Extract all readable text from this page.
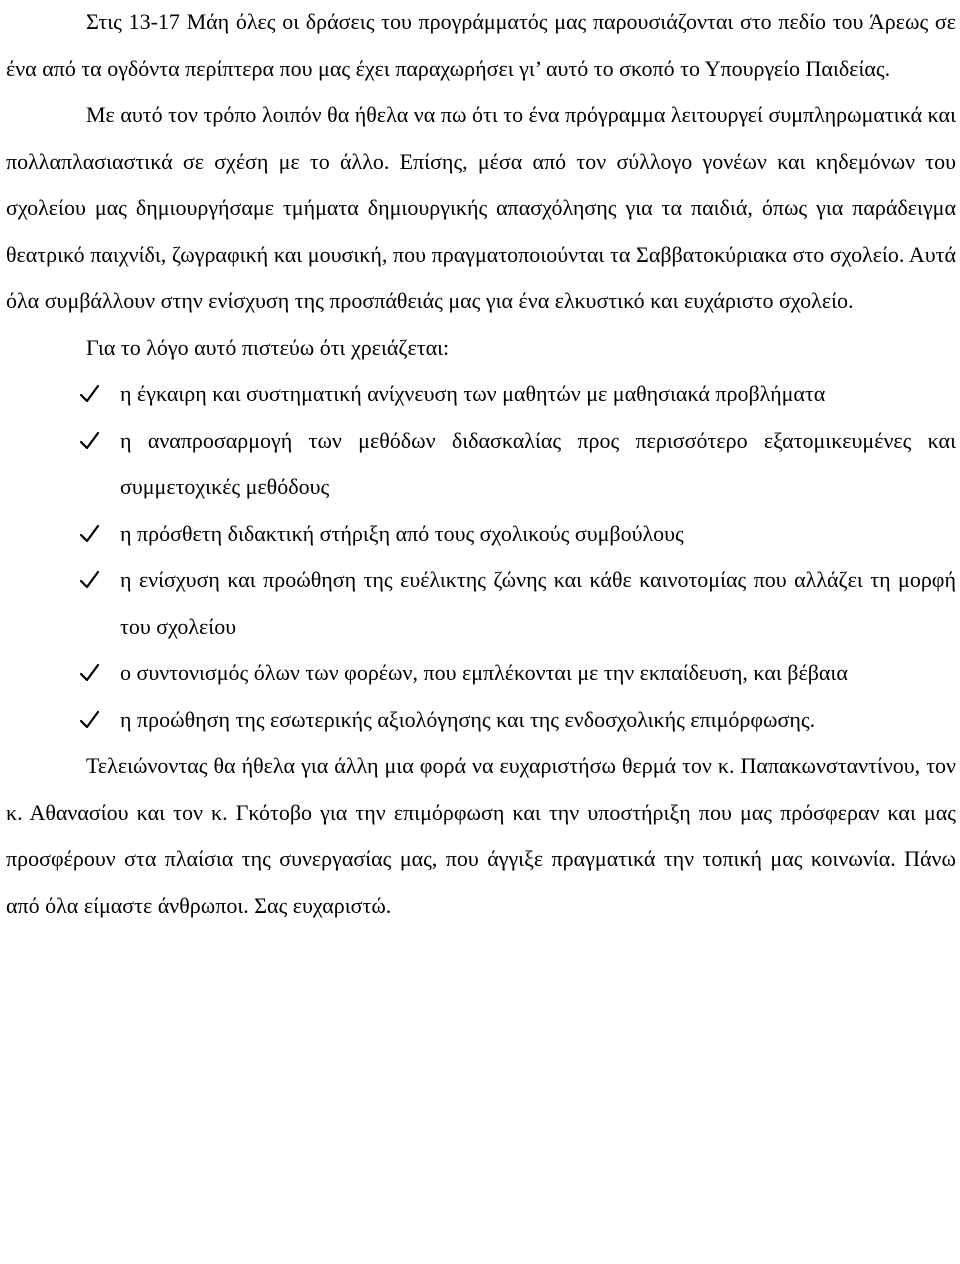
Στις 13-17 Μάη όλες οι δράσεις του προγράμματός μας παρουσιάζονται στο πεδίο του Άρεως σε ένα από τα ογδόντα περίπτερα που μας έχει παραχωρήσει γι’ αυτό το σκοπό το Υπουργείο Παιδείας.

Με αυτό τον τρόπο λοιπόν θα ήθελα να πω ότι το ένα πρόγραμμα λειτουργεί συμπληρωματικά και πολλαπλασιαστικά σε σχέση με το άλλο. Επίσης, μέσα από τον σύλλογο γονέων και κηδεμόνων του σχολείου μας δημιουργήσαμε τμήματα δημιουργικής απασχόλησης για τα παιδιά, όπως για παράδειγμα θεατρικό παιχνίδι, ζωγραφική και μουσική, που πραγματοποιούνται τα Σαββατοκύριακα στο σχολείο. Αυτά όλα συμβάλλουν στην ενίσχυση της προσπάθειάς μας για ένα ελκυστικό και ευχάριστο σχολείο.

Για το λόγο αυτό πιστεύω ότι χρειάζεται:

η έγκαιρη και συστηματική ανίχνευση των μαθητών με μαθησιακά προβλήματα
η αναπροσαρμογή των μεθόδων διδασκαλίας προς περισσότερο εξατομικευμένες και συμμετοχικές μεθόδους
η πρόσθετη διδακτική στήριξη από τους σχολικούς συμβούλους
η ενίσχυση και προώθηση της ευέλικτης ζώνης και κάθε καινοτομίας που αλλάζει τη μορφή του σχολείου
ο συντονισμός όλων των φορέων, που εμπλέκονται με την εκπαίδευση, και βέβαια
η προώθηση της εσωτερικής αξιολόγησης και της ενδοσχολικής επιμόρφωσης.

Τελειώνοντας θα ήθελα για άλλη μια φορά να ευχαριστήσω θερμά τον κ. Παπακωνσταντίνου, τον κ. Αθανασίου και τον κ. Γκότοβο για την επιμόρφωση και την υποστήριξη που μας πρόσφεραν και μας προσφέρουν στα πλαίσια της συνεργασίας μας, που άγγιξε πραγματικά την τοπική μας κοινωνία. Πάνω από όλα είμαστε άνθρωποι. Σας ευχαριστώ.
